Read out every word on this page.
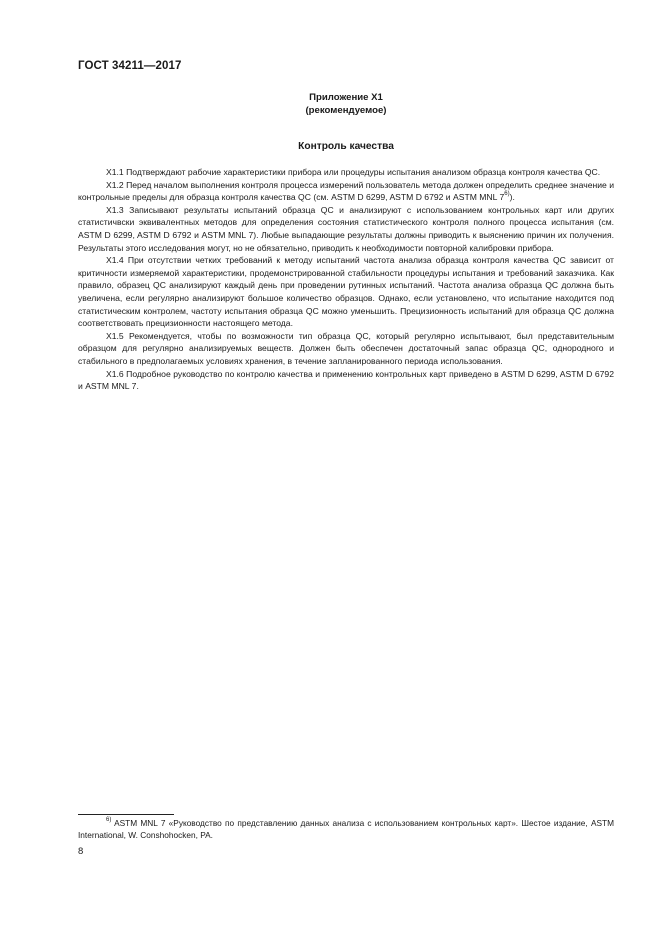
ГОСТ 34211—2017
Приложение X1
(рекомендуемое)
Контроль качества

X1.1 Подтверждают рабочие характеристики прибора или процедуры испытания анализом образца контроля качества QC.

X1.2 Перед началом выполнения контроля процесса измерений пользователь метода должен определить среднее значение и контрольные пределы для образца контроля качества QC (см. ASTM D 6299, ASTM D 6792 и ASTM MNL 7$^{6)}$).

X1.3 Записывают результаты испытаний образца QC и анализируют с использованием контрольных карт или других статистичвски эквивалентных методов для определения состояния статистического контроля полного процесса испытания (см. ASTM D 6299, ASTM D 6792 и ASTM MNL 7). Любые выпадающие результаты должны приводить к выяснению причин их получения. Результаты этого исследования могут, но не обязательно, приводить к необходимости повторной калибровки прибора.

X1.4 При отсутствии четких требований к методу испытаний частота анализа образца контроля качества QC зависит от критичности измеряемой характеристики, продемонстрированной стабильности процедуры испытания и требований заказчика. Как правило, образец QC анализируют каждый день при проведении рутинных испытаний. Частота анализа образца QC должна быть увеличена, если регулярно анализируют большое количество образцов. Однако, если установлено, что испытание находится под статистическим контролем, частоту испытания образца QC можно уменьшить. Прецизионность испытаний для образца QC должна соответствовать прецизионности настоящего метода.

X1.5 Рекомендуется, чтобы по возможности тип образца QC, который регулярно испытывают, был представительным образцом для регулярно анализируемых веществ. Должен быть обеспечен достаточный запас образца QC, однородного и стабильного в предполагаемых условиях хранения, в течение запланированного периода использования.

X1.6 Подробное руководство по контролю качества и применению контрольных карт приведено в ASTM D 6299, ASTM D 6792 и ASTM MNL 7.

$^{6)}$ ASTM MNL 7 «Руководство по представлению данных анализа с использованием контрольных карт». Шестое издание, ASTM International, W. Conshohocken, PA.
8
